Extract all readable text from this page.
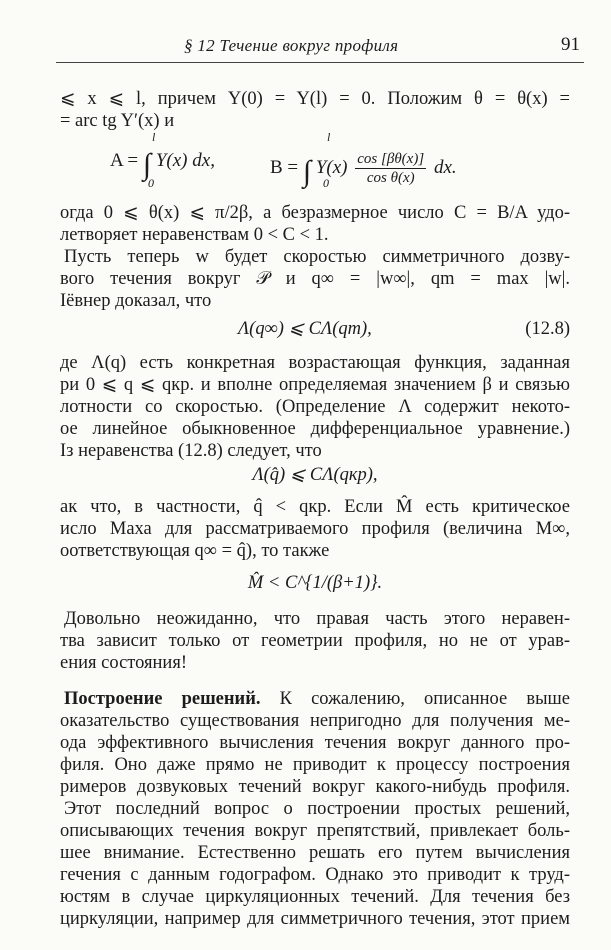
§ 12 Течение вокруг профиля	91
⩽ x ⩽ l, причем Y(0) = Y(l) = 0. Положим θ = θ(x) =
= arc tg Y′(x) и
A = ∫ Y(x) dx,
l
0
B = ∫ $Y(x) \frac{\cos [\beta\theta(x)]}{\text{cos θ(x)}}$ dx.
l
0
огда 0 ⩽ θ(x) ⩽ π/2β, а безразмерное число C = B/A удо-
летворяет неравенствам 0 < C < 1.
Пусть теперь w будет скоростью симметричного дозву-
вого течения вокруг 𝒫 и q∞ = |w∞|, qm = max |w|.
Іёвнер доказал, что
Λ(q∞) ⩽ CΛ(qm),	(12.8)
де Λ(q) есть конкретная возрастающая функция, заданная
ри 0 ⩽ q ⩽ qкр. и вполне определяемая значением β и связью
лотности со скоростью. (Определение Λ содержит некото-
ое линейное обыкновенное дифференциальное уравнение.)
Із неравенства (12.8) следует, что
Λ(q̂) ⩽ CΛ(qкр),
ак что, в частности, q̂ < qкр. Если M̂ есть критическое
исло Маха для рассматриваемого профиля (величина M∞,
оответствующая q∞ = q̂), то также
M̂ < C^{1/(β+1)}.
Довольно неожиданно, что правая часть этого неравен-
тва зависит только от геометрии профиля, но не от урав-
ения состояния!
Построение решений. К сожалению, описанное выше
оказательство существования непригодно для получения ме-
ода эффективного вычисления течения вокруг данного про-
филя. Оно даже прямо не приводит к процессу построения
римеров дозвуковых течений вокруг какого-нибудь профиля.
Этот последний вопрос о построении простых решений,
описывающих течения вокруг препятствий, привлекает боль-
шее внимание. Естественно решать его путем вычисления
гечения с данным годографом. Однако это приводит к труд-
юстям в случае циркуляционных течений. Для течения без
циркуляции, например для симметричного течения, этот прием
